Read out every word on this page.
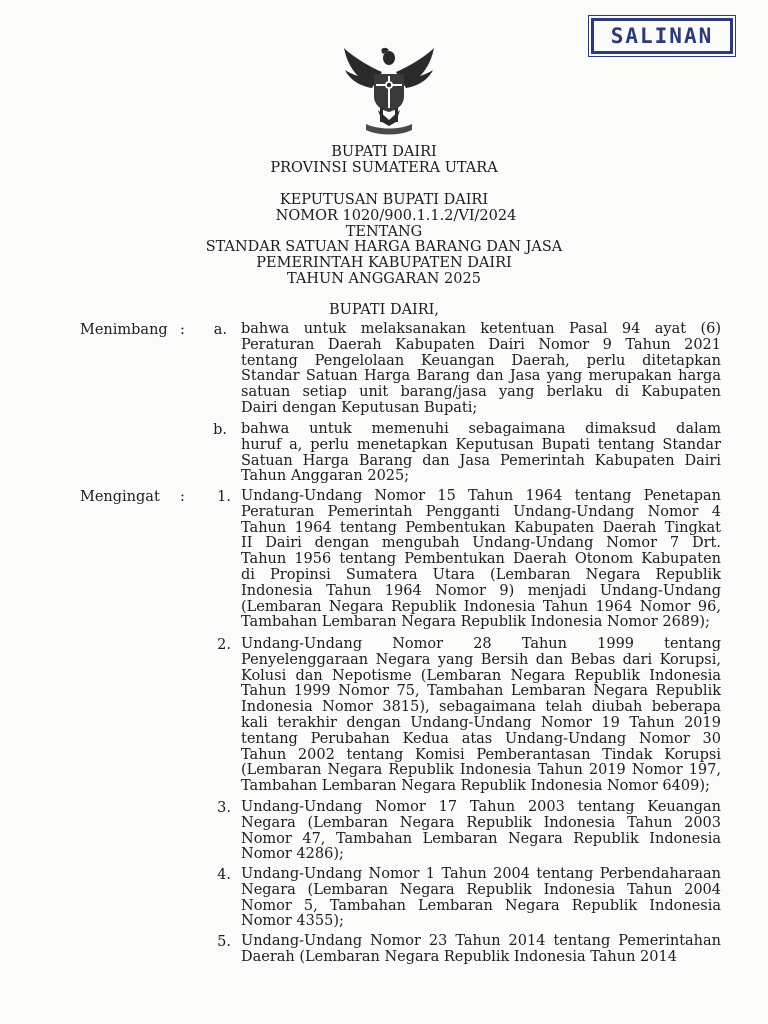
SALINAN
BUPATI DAIRI
PROVINSI SUMATERA UTARA
KEPUTUSAN BUPATI DAIRI
NOMOR 1020/900.1.1.2/VI/2024
TENTANG
STANDAR SATUAN HARGA BARANG DAN JASA
PEMERINTAH KABUPATEN DAIRI
TAHUN ANGGARAN 2025
BUPATI DAIRI,
Menimbang :	a. bahwa untuk melaksanakan ketentuan Pasal 94 ayat (6)
Peraturan Daerah Kabupaten Dairi Nomor 9 Tahun 2021
tentang Pengelolaan Keuangan Daerah, perlu ditetapkan
Standar Satuan Harga Barang dan Jasa yang merupakan harga
satuan setiap unit barang/jasa yang berlaku di Kabupaten
Dairi dengan Keputusan Bupati;
b. bahwa untuk memenuhi sebagaimana dimaksud dalam
huruf a, perlu menetapkan Keputusan Bupati tentang Standar
Satuan Harga Barang dan Jasa Pemerintah Kabupaten Dairi
Tahun Anggaran 2025;
Mengingat :	1. Undang-Undang Nomor 15 Tahun 1964 tentang Penetapan
Peraturan Pemerintah Pengganti Undang-Undang Nomor 4
Tahun 1964 tentang Pembentukan Kabupaten Daerah Tingkat
II Dairi dengan mengubah Undang-Undang Nomor 7 Drt.
Tahun 1956 tentang Pembentukan Daerah Otonom Kabupaten
di Propinsi Sumatera Utara (Lembaran Negara Republik
Indonesia Tahun 1964 Nomor 9) menjadi Undang-Undang
(Lembaran Negara Republik Indonesia Tahun 1964 Nomor 96,
Tambahan Lembaran Negara Republik Indonesia Nomor 2689);
2. Undang-Undang Nomor 28 Tahun 1999 tentang
Penyelenggaraan Negara yang Bersih dan Bebas dari Korupsi,
Kolusi dan Nepotisme (Lembaran Negara Republik Indonesia
Tahun 1999 Nomor 75, Tambahan Lembaran Negara Republik
Indonesia Nomor 3815), sebagaimana telah diubah beberapa
kali terakhir dengan Undang-Undang Nomor 19 Tahun 2019
tentang Perubahan Kedua atas Undang-Undang Nomor 30
Tahun 2002 tentang Komisi Pemberantasan Tindak Korupsi
(Lembaran Negara Republik Indonesia Tahun 2019 Nomor 197,
Tambahan Lembaran Negara Republik Indonesia Nomor 6409);
3. Undang-Undang Nomor 17 Tahun 2003 tentang Keuangan
Negara (Lembaran Negara Republik Indonesia Tahun 2003
Nomor 47, Tambahan Lembaran Negara Republik Indonesia
Nomor 4286);
4. Undang-Undang Nomor 1 Tahun 2004 tentang Perbendaharaan
Negara (Lembaran Negara Republik Indonesia Tahun 2004
Nomor 5, Tambahan Lembaran Negara Republik Indonesia
Nomor 4355);
5. Undang-Undang Nomor 23 Tahun 2014 tentang Pemerintahan
Daerah (Lembaran Negara Republik Indonesia Tahun 2014
